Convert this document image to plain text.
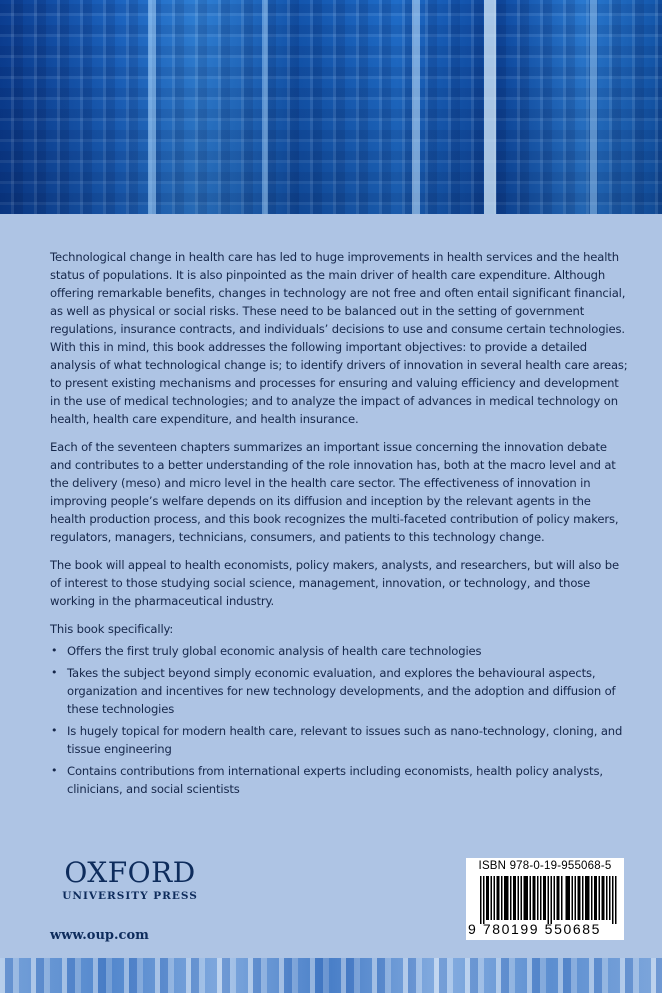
Technological change in health care has led to huge improvements in health services and the health status of populations. It is also pinpointed as the main driver of health care expenditure. Although offering remarkable benefits, changes in technology are not free and often entail significant financial, as well as physical or social risks. These need to be balanced out in the setting of government regulations, insurance contracts, and individuals’ decisions to use and consume certain technologies. With this in mind, this book addresses the following important objectives: to provide a detailed analysis of what technological change is; to identify drivers of innovation in several health care areas; to present existing mechanisms and processes for ensuring and valuing efficiency and development in the use of medical technologies; and to analyze the impact of advances in medical technology on health, health care expenditure, and health insurance.

Each of the seventeen chapters summarizes an important issue concerning the innovation debate and contributes to a better understanding of the role innovation has, both at the macro level and at the delivery (meso) and micro level in the health care sector. The effectiveness of innovation in improving people’s welfare depends on its diffusion and inception by the relevant agents in the health production process, and this book recognizes the multi-faceted contribution of policy makers, regulators, managers, technicians, consumers, and patients to this technology change.

The book will appeal to health economists, policy makers, analysts, and researchers, but will also be of interest to those studying social science, management, innovation, or technology, and those working in the pharmaceutical industry.

This book specifically:

• Offers the first truly global economic analysis of health care technologies
• Takes the subject beyond simply economic evaluation, and explores the behavioural aspects, organization and incentives for new technology developments, and the adoption and diffusion of these technologies
• Is hugely topical for modern health care, relevant to issues such as nano-technology, cloning, and tissue engineering
• Contains contributions from international experts including economists, health policy analysts, clinicians, and social scientists
OXFORD
UNIVERSITY PRESS
www.oup.com
ISBN 978-0-19-955068-5
9 780199 550685
